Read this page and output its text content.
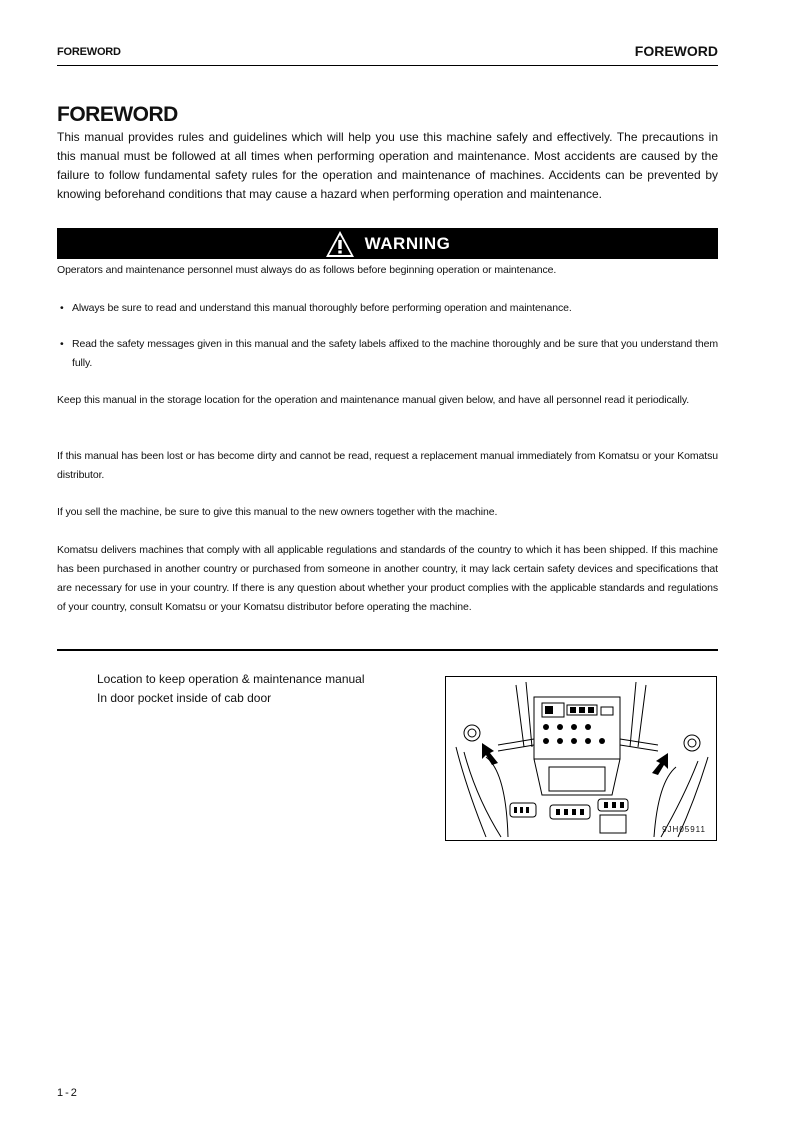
FOREWORD	FOREWORD
FOREWORD
This manual provides rules and guidelines which will help you use this machine safely and effectively. The precautions in this manual must be followed at all times when performing operation and maintenance. Most accidents are caused by the failure to follow fundamental safety rules for the operation and maintenance of machines. Accidents can be prevented by knowing beforehand conditions that may cause a hazard when performing operation and maintenance.
WARNING
Operators and maintenance personnel must always do as follows before beginning operation or maintenance.
• Always be sure to read and understand this manual thoroughly before performing operation and maintenance.
• Read the safety messages given in this manual and the safety labels affixed to the machine thoroughly and be sure that you understand them fully.
Keep this manual in the storage location for the operation and maintenance manual given below, and have all personnel read it periodically.
If this manual has been lost or has become dirty and cannot be read, request a replacement manual immediately from Komatsu or your Komatsu distributor.
If you sell the machine, be sure to give this manual to the new owners together with the machine.
Komatsu delivers machines that comply with all applicable regulations and standards of the country to which it has been shipped. If this machine has been purchased in another country or purchased from someone in another country, it may lack certain safety devices and specifications that are necessary for use in your country. If there is any question about whether your product complies with the applicable standards and regulations of your country, consult Komatsu or your Komatsu distributor before operating the machine.
Location to keep operation & maintenance manual
In door pocket inside of cab door
9JH05911
1-2
